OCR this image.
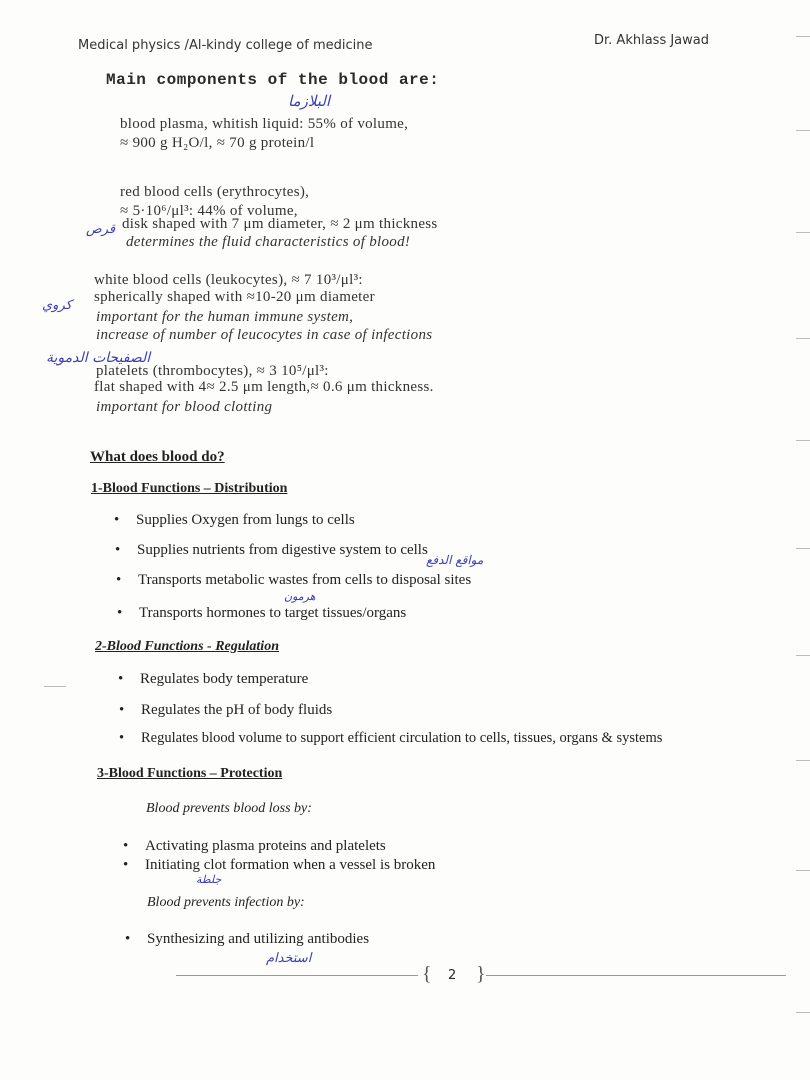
Medical physics /Al-kindy college of medicine	Dr. Akhlass Jawad
Main components of the blood are:
البلازما
blood plasma, whitish liquid: 55% of volume,
≈ 900 g H₂O/l, ≈ 70 g protein/l
red blood cells (erythrocytes),
≈ 5·10⁶/μl³: 44% of volume,
قرص disk shaped with 7 μm diameter, ≈ 2 μm thickness
determines the fluid characteristics of blood!
white blood cells (leukocytes), ≈ 7 10³/μl³:
كروي
spherically shaped with ≈10-20 μm diameter
important for the human immune system,
increase of number of leucocytes in case of infections
الصفيحات الدموية
platelets (thrombocytes), ≈ 3 10⁵/μl³:
flat shaped with 4≈ 2.5 μm length,≈ 0.6 μm thickness.
important for blood clotting
What does blood do?
1-Blood Functions – Distribution
• Supplies Oxygen from lungs to cells
• Supplies nutrients from digestive system to cells
مواقع الدفع
• Transports metabolic wastes from cells to disposal sites
هرمون
• Transports hormones to target tissues/organs
2-Blood Functions - Regulation
• Regulates body temperature
• Regulates the pH of body fluids
• Regulates blood volume to support efficient circulation to cells, tissues, organs & systems
3-Blood Functions – Protection
Blood prevents blood loss by:
• Activating plasma proteins and platelets
• Initiating clot formation when a vessel is broken
جلطة
Blood prevents infection by:
• Synthesizing and utilizing antibodies
استخدام
{ 2 }
